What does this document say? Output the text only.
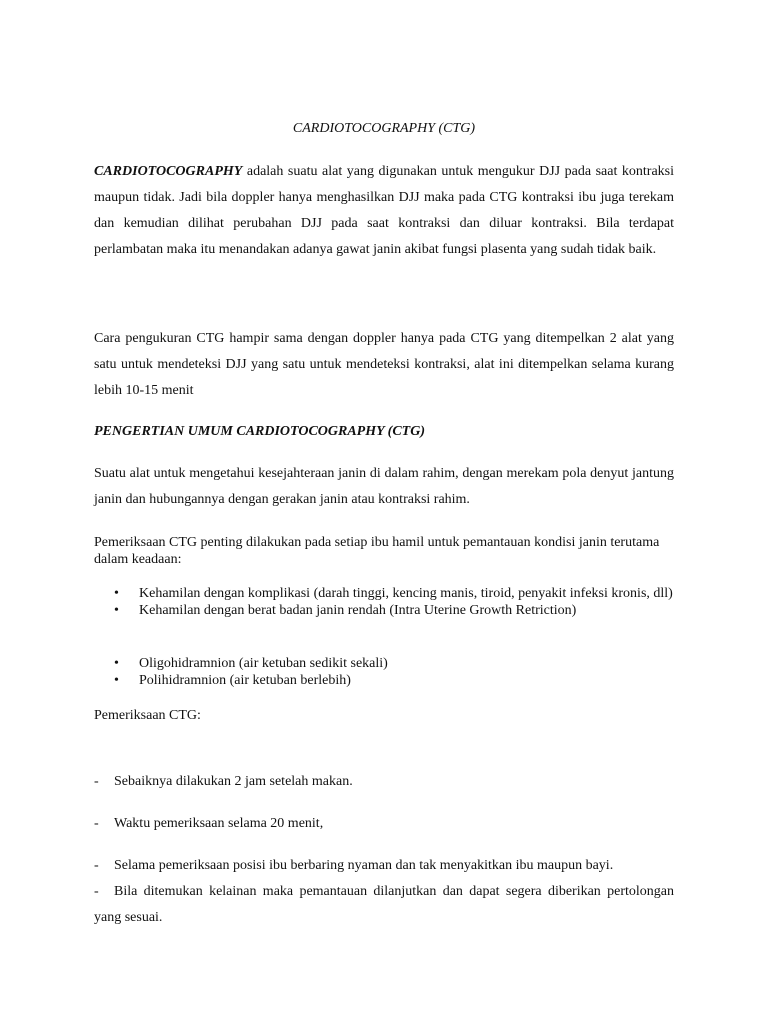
CARDIOTOCOGRAPHY (CTG)

CARDIOTOCOGRAPHY adalah suatu alat yang digunakan untuk mengukur DJJ pada saat kontraksi maupun tidak. Jadi bila doppler hanya menghasilkan DJJ maka pada CTG kontraksi ibu juga terekam dan kemudian dilihat perubahan DJJ pada saat kontraksi dan diluar kontraksi. Bila terdapat perlambatan maka itu menandakan adanya gawat janin akibat fungsi plasenta yang sudah tidak baik.

Cara pengukuran CTG hampir sama dengan doppler hanya pada CTG yang ditempelkan 2 alat yang satu untuk mendeteksi DJJ yang satu untuk mendeteksi kontraksi, alat ini ditempelkan selama kurang lebih 10-15 menit

PENGERTIAN UMUM CARDIOTOCOGRAPHY (CTG)

Suatu alat untuk mengetahui kesejahteraan janin di dalam rahim, dengan merekam pola denyut jantung janin dan hubungannya dengan gerakan janin atau kontraksi rahim.

Pemeriksaan CTG penting dilakukan pada setiap ibu hamil untuk pemantauan kondisi janin terutama dalam keadaan:

• Kehamilan dengan komplikasi (darah tinggi, kencing manis, tiroid, penyakit infeksi kronis, dll)
• Kehamilan dengan berat badan janin rendah (Intra Uterine Growth Retriction)
• Oligohidramnion (air ketuban sedikit sekali)
• Polihidramnion (air ketuban berlebih)

Pemeriksaan CTG:

- Sebaiknya dilakukan 2 jam setelah makan.

- Waktu pemeriksaan selama 20 menit,

- Selama pemeriksaan posisi ibu berbaring nyaman dan tak menyakitkan ibu maupun bayi.

- Bila ditemukan kelainan maka pemantauan dilanjutkan dan dapat segera diberikan pertolongan yang sesuai.
